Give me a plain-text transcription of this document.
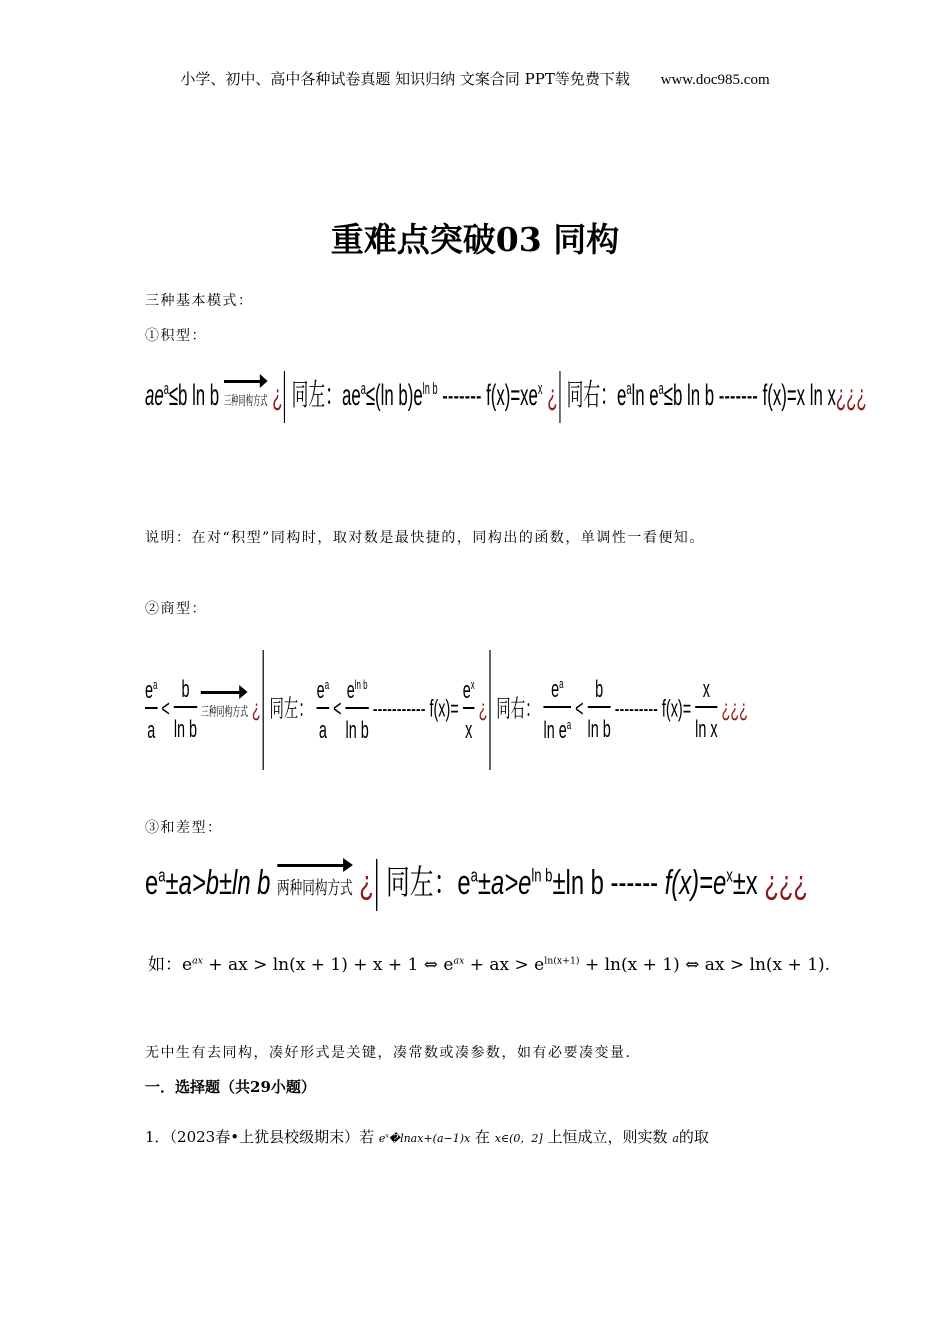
小学、初中、高中各种试卷真题 知识归纳 文案合同 PPT等免费下载 www.doc985.com
重难点突破03 同构
三种基本模式：
①积型：
$ae^a\le b$ ln b 三种同构方式 ¿ 同左：$ae^a\le(\ln$ $b)e^{ln b}$ ------- $f(x)=xe^x$ ¿ 同右：$e^a\ln$ $e^a\le b$ ln b ------- f(x)=x ln x¿¿¿
说明：在对“积型”同构时，取对数是最快捷的，同构出的函数，单调性一看便知。
②商型：
$\frac{e^a}{a} < \frac{b}{\text{ln b}}$ 三种同构方式 ¿ 同左： $\frac{e^a}{a} < \frac{e^{ln b}}{\text{ln b}}$ ----------- $f(x)= \frac{e^x}{x}$ ¿ 同右： $\frac{e^a}{\ln e^a} < \frac{b}{\text{ln b}}$ --------- $f(x)= \frac{x}{\text{ln x}}$ ¿¿¿
③和差型：
$e^a\pm a>b\pm\ln$ b 两种同构方式 ¿ 同左：$e^a\pm a>e^{ln b}\pm\ln$ b ------ $f(x)=e^x\pm x$ ¿¿¿
如：$e^{ax}$ + ax > ln(x + 1) + x + 1 ⇔ $e^{ax}$ + ax > $e^{ln(x+1)} + \ln(x + 1)$ ⇔ ax > ln(x + 1).
无中生有去同构，凑好形式是关键，凑常数或凑参数，如有必要凑变量.
一．选择题（共29小题）
1．（2023春•上犹县校级期末）若 $e^x�lnax+(a-1)x$ 在 x∈(0，2] 上恒成立，则实数 a的取
